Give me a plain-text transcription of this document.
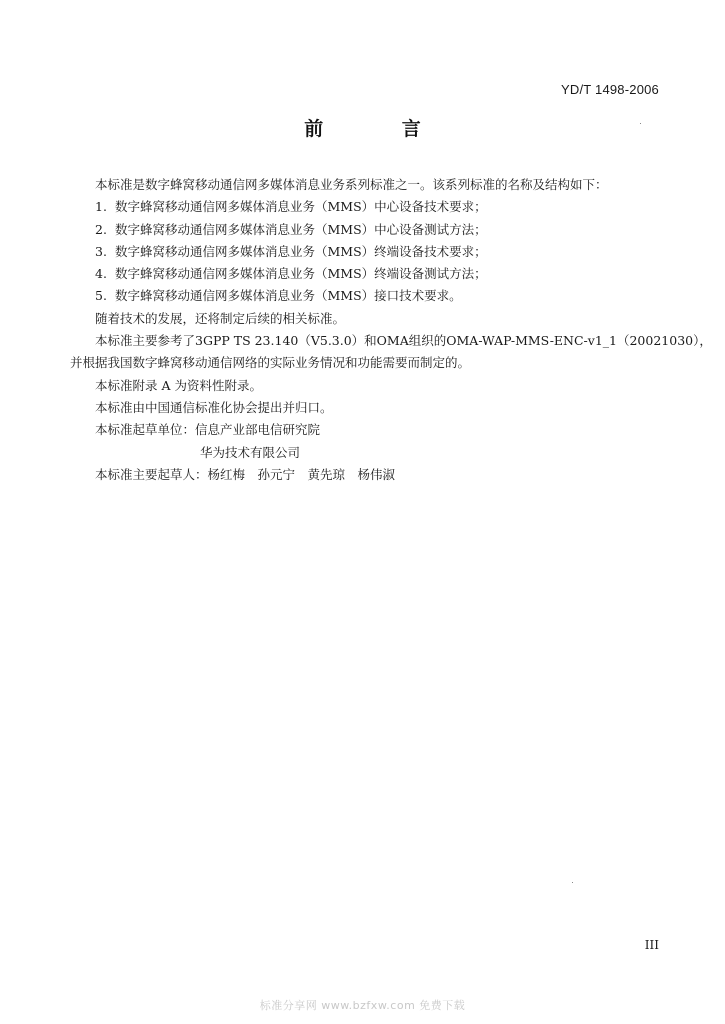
YD/T 1498-2006
前 言

本标准是数字蜂窝移动通信网多媒体消息业务系列标准之一。该系列标准的名称及结构如下：

1. 数字蜂窝移动通信网多媒体消息业务（MMS）中心设备技术要求；

2. 数字蜂窝移动通信网多媒体消息业务（MMS）中心设备测试方法；

3. 数字蜂窝移动通信网多媒体消息业务（MMS）终端设备技术要求；

4. 数字蜂窝移动通信网多媒体消息业务（MMS）终端设备测试方法；

5. 数字蜂窝移动通信网多媒体消息业务（MMS）接口技术要求。

随着技术的发展，还将制定后续的相关标准。

本标准主要参考了3GPP TS 23.140（V5.3.0）和OMA组织的OMA-WAP-MMS-ENC-v1_1（20021030），

并根据我国数字蜂窝移动通信网络的实际业务情况和功能需要而制定的。

本标准附录 A 为资料性附录。

本标准由中国通信标准化协会提出并归口。

本标准起草单位：信息产业部电信研究院

华为技术有限公司

本标准主要起草人：杨红梅　孙元宁　黄先琼　杨伟淑

III
标准分享网 www.bzfxw.com 免费下载
